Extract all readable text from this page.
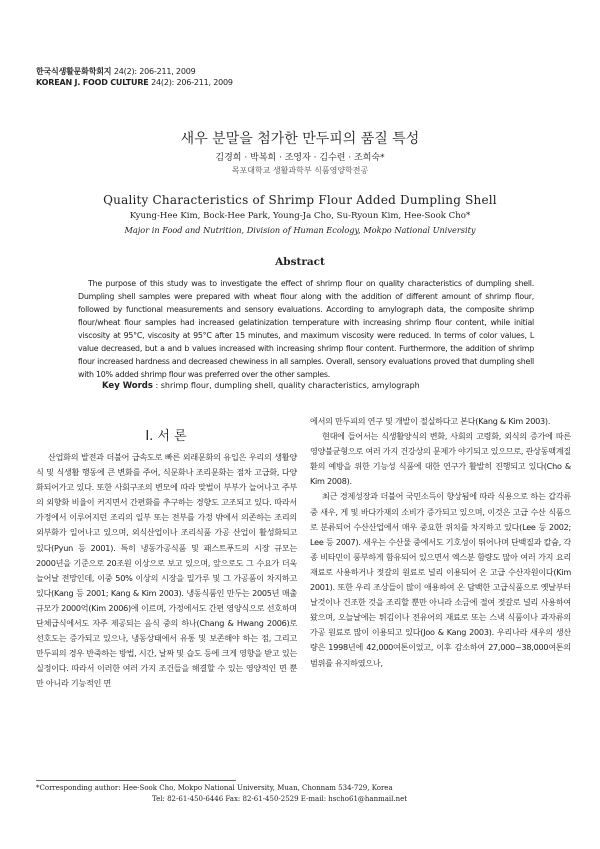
한국식생활문화학회지 24(2): 206-211, 2009
KOREAN J. FOOD CULTURE 24(2): 206-211, 2009
새우 분말을 첨가한 만두피의 품질 특성
김경희 · 박복희 · 조영자 · 김수련 · 조희숙*
목포대학교 생활과학부 식품영양학전공
Quality Characteristics of Shrimp Flour Added Dumpling Shell
Kyung-Hee Kim, Bock-Hee Park, Young-Ja Cho, Su-Ryoun Kim, Hee-Sook Cho*
Major in Food and Nutrition, Division of Human Ecology, Mokpo National University
Abstract

The purpose of this study was to investigate the effect of shrimp flour on quality characteristics of dumpling shell. Dumpling shell samples were prepared with wheat flour along with the addition of different amount of shrimp flour, followed by functional measurements and sensory evaluations. According to amylograph data, the composite shrimp flour/wheat flour samples had increased gelatinization temperature with increasing shrimp flour content, while initial viscosity at 95°C, viscosity at 95°C after 15 minutes, and maximum viscosity were reduced. In terms of color values, L value decreased, but a and b values increased with increasing shrimp flour content. Furthermore, the addition of shrimp flour increased hardness and decreased chewiness in all samples. Overall, sensory evaluations proved that dumpling shell with 10% added shrimp flour was preferred over the other samples.

Key Words : shrimp flour, dumpling shell, quality characteristics, amylograph
I. 서 론

산업화의 발전과 더불어 급속도로 빠른 외래문화의 유입은 우리의 생활양식 및 식생활 행동에 큰 변화를 주어, 식문화나 조리문화는 점차 고급화, 다양화되어가고 있다. 또한 사회구조의 변모에 따라 맞벌이 부부가 늘어나고 주부의 외향화 비율이 커지면서 간편화를 추구하는 경향도 고조되고 있다. 따라서 가정에서 이루어지던 조리의 일부 또는 전부를 가정 밖에서 의존하는 조리의 외부화가 일어나고 있으며, 외식산업이나 조리식품 가공 산업이 활성화되고 있다(Pyun 등 2001). 특히 냉동가공식품 및 패스트푸드의 시장 규모는 2000년을 기준으로 20조원 이상으로 보고 있으며, 앞으로도 그 수요가 더욱 늘어날 전망인데, 이중 50% 이상의 시장을 밀가루 및 그 가공품이 차지하고 있다(Kang 등 2001; Kang & Kim 2003). 냉동식품인 만두는 2005년 매출규모가 2000억(Kim 2006)에 이르며, 가정에서도 간편 영양식으로 선호하며 단체급식에서도 자주 제공되는 음식 중의 하나(Chang & Hwang 2006)로 선호도는 증가되고 있으나, 냉동상태에서 유통 및 보존해야 하는 점, 그리고 만두피의 경우 반죽하는 방법, 시간, 날짜 및 습도 등에 크게 영향을 받고 있는 실정이다. 따라서 이러한 여러 가지 조건들을 해결할 수 있는 영양적인 면 뿐만 아니라 기능적인 면

에서의 만두피의 연구 및 개발이 절실하다고 본다(Kang & Kim 2003).

현대에 들어서는 식생활양식의 변화, 사회의 고령화, 외식의 증가에 따른 영양불균형으로 여러 가지 건강상의 문제가 야기되고 있으므로, 관상동맥계질환의 예방을 위한 기능성 식품에 대한 연구가 활발히 진행되고 있다(Cho & Kim 2008).

최근 경제성장과 더불어 국민소득이 향상됨에 따라 식용으로 하는 갑각류 중 새우, 게 및 바다가재의 소비가 증가되고 있으며, 이것은 고급 수산 식품으로 분류되어 수산산업에서 매우 중요한 위치를 차지하고 있다(Lee 등 2002; Lee 등 2007). 새우는 수산물 중에서도 기호성이 뛰어나며 단백질과 칼슘, 각종 비타민이 풍부하게 함유되어 있으면서 엑스분 함량도 많아 여러 가지 요리 재료로 사용하거나 젓갈의 원료로 널리 이용되어 온 고급 수산자원이다(Kim 2001). 또한 우리 조상들이 많이 애용하여 온 담백한 고급식품으로 옛날부터 날것이나 건조한 것을 조리할 뿐만 아니라 소금에 절여 젓갈로 널리 사용하여 왔으며, 오늘날에는 튀김이나 전유어의 재료로 또는 스낵 식품이나 과자류의 가공 원료로 많이 이용되고 있다(Joo & Kang 2003). 우리나라 새우의 생산량은 1998년에 42,000여톤이었고, 이후 감소하여 27,000~38,000여톤의 범위를 유지하였으나,

*Corresponding author: Hee-Sook Cho, Mokpo National University, Muan, Chonnam 534-729, Korea
Tel: 82-61-450-6446 Fax: 82-61-450-2529 E-mail: hscho61@hanmail.net
